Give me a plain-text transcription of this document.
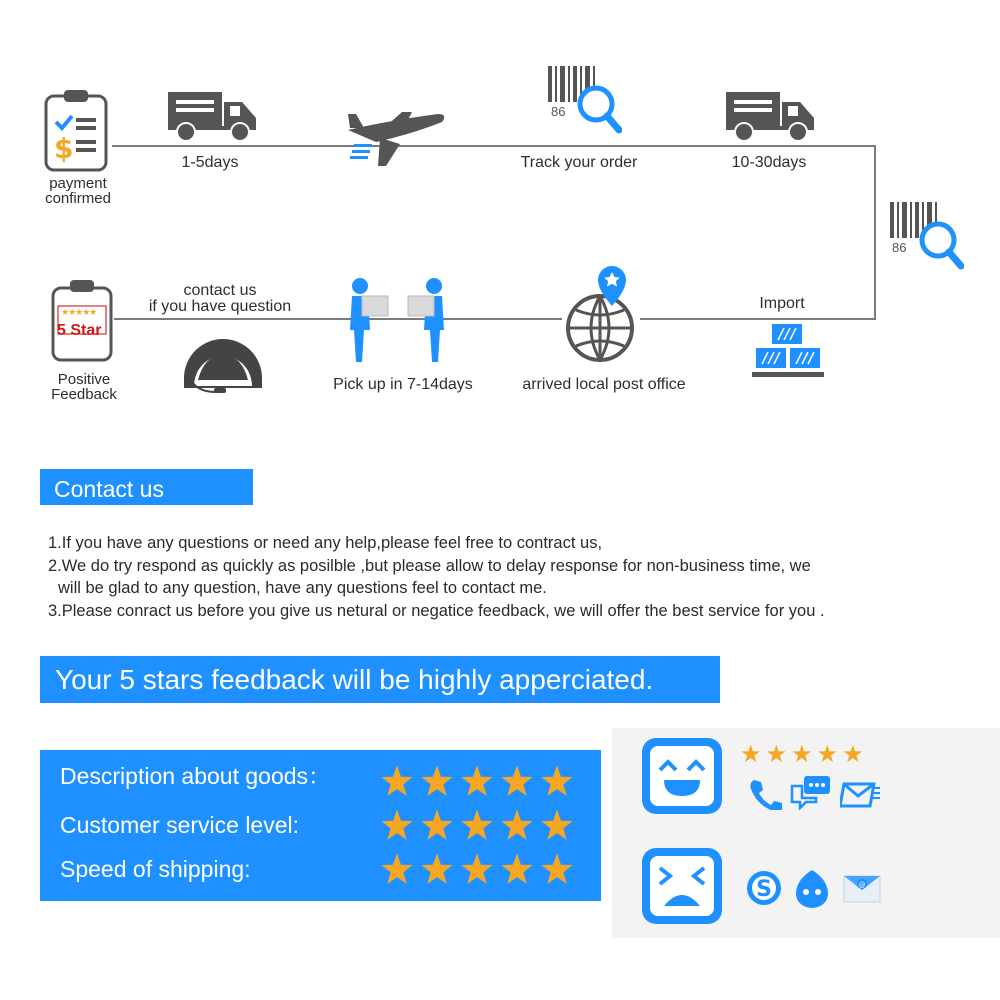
$
payment
confirmed
1-5days
86
Track your order	10-30days
86
Import
arrived local post office
Pick up in 7-14days
contact us
if you have question
★★★★★
5 Star
Positive
Feedback
Contact us
1.If you have any questions or need any help,please feel free to contract us,
2.We do try respond as quickly as posilble ,but please allow to delay response for non-business time, we
will be glad to any question, have any questions feel to contact me.
3.Please conract us before you give us netural or negatice feedback, we will offer the best service for you .
Your 5 stars feedback will be highly apperciated.
Description about goods：
Customer service level:
Speed of shipping:
★★★★★
S	@
